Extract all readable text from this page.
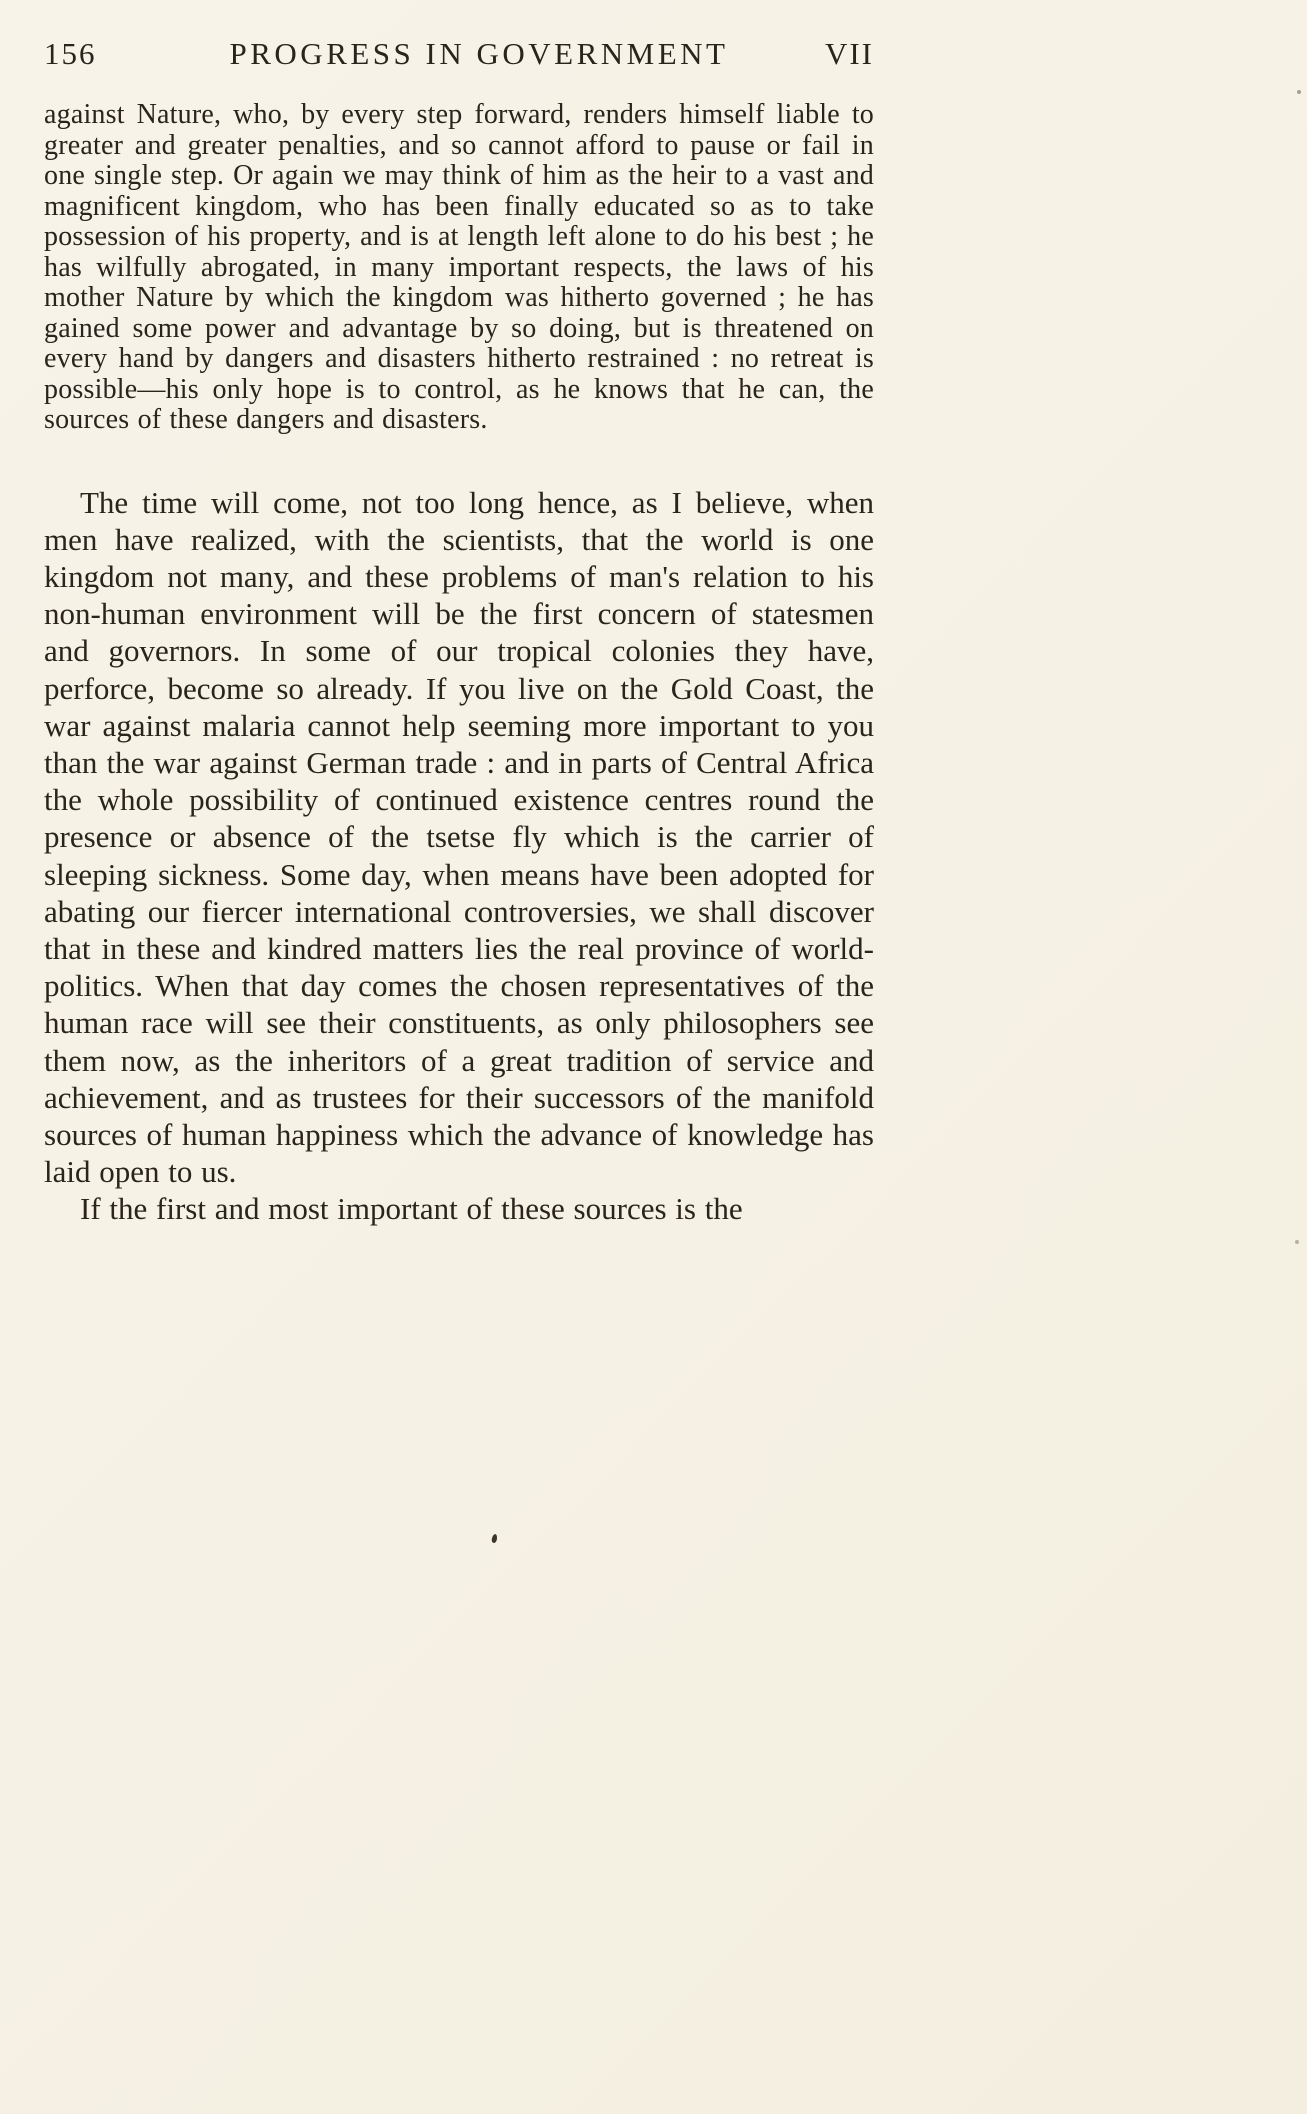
156	PROGRESS IN GOVERNMENT	VII

against Nature, who, by every step forward, renders himself liable to greater and greater penalties, and so cannot afford to pause or fail in one single step. Or again we may think of him as the heir to a vast and magnificent kingdom, who has been finally educated so as to take possession of his property, and is at length left alone to do his best ; he has wilfully abrogated, in many important respects, the laws of his mother Nature by which the kingdom was hitherto governed ; he has gained some power and advantage by so doing, but is threatened on every hand by dangers and disasters hitherto restrained : no retreat is possible—his only hope is to control, as he knows that he can, the sources of these dangers and disasters.

The time will come, not too long hence, as I believe, when men have realized, with the scientists, that the world is one kingdom not many, and these problems of man's relation to his non-human environment will be the first concern of statesmen and governors. In some of our tropical colonies they have, perforce, become so already. If you live on the Gold Coast, the war against malaria cannot help seeming more important to you than the war against German trade : and in parts of Central Africa the whole possibility of continued existence centres round the presence or absence of the tsetse fly which is the carrier of sleeping sickness. Some day, when means have been adopted for abating our fiercer international controversies, we shall discover that in these and kindred matters lies the real province of world-politics. When that day comes the chosen representatives of the human race will see their constituents, as only philosophers see them now, as the inheritors of a great tradition of service and achievement, and as trustees for their successors of the manifold sources of human happiness which the advance of knowledge has laid open to us.

If the first and most important of these sources is the
